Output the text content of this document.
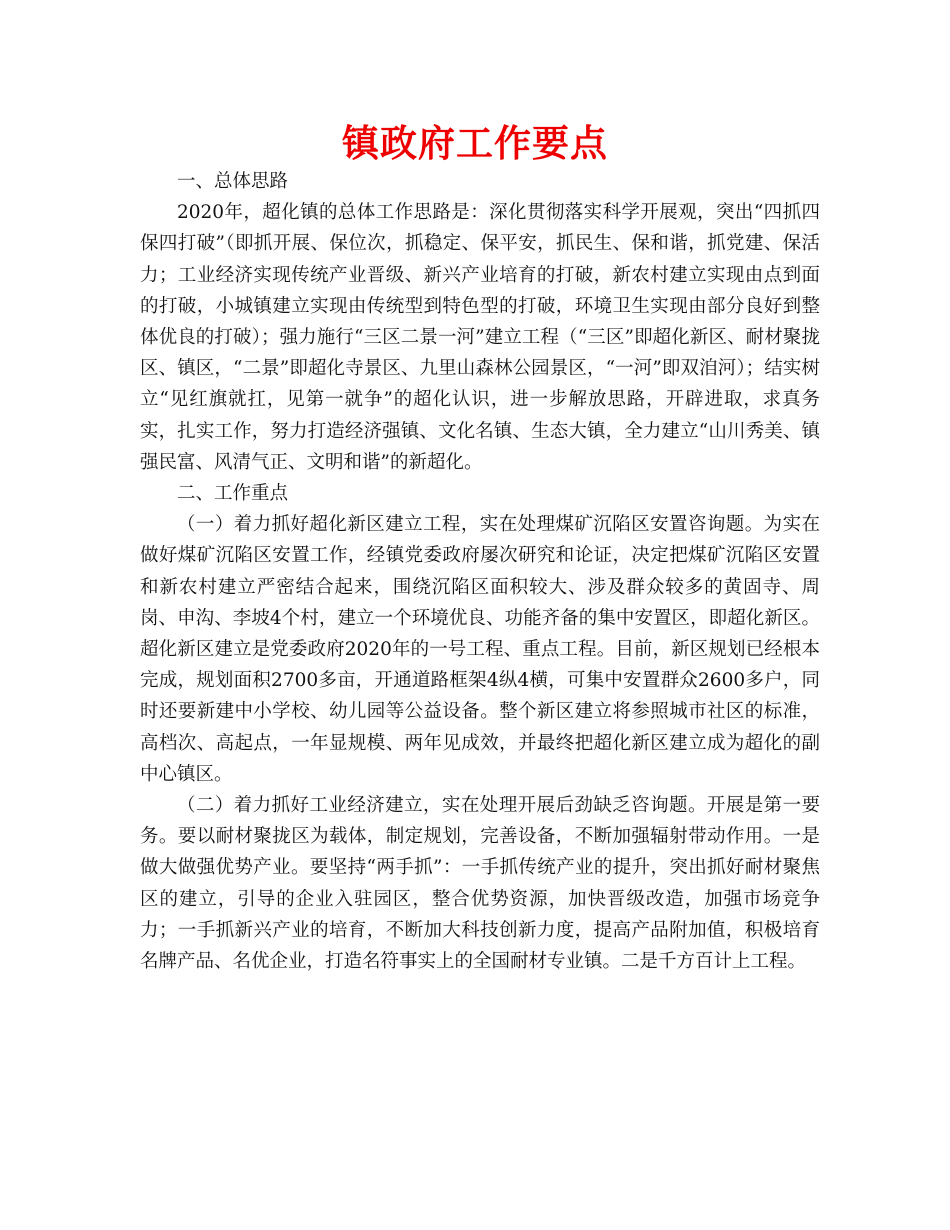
镇政府工作要点

一、总体思路

2020年，超化镇的总体工作思路是：深化贯彻落实科学开展观，突出“四抓四保四打破”（即抓开展、保位次，抓稳定、保平安，抓民生、保和谐，抓党建、保活力；工业经济实现传统产业晋级、新兴产业培育的打破，新农村建立实现由点到面的打破，小城镇建立实现由传统型到特色型的打破，环境卫生实现由部分良好到整体优良的打破）；强力施行“三区二景一河”建立工程（“三区”即超化新区、耐材聚拢区、镇区，“二景”即超化寺景区、九里山森林公园景区，“一河”即双洎河）；结实树立“见红旗就扛，见第一就争”的超化认识，进一步解放思路，开辟进取，求真务实，扎实工作，努力打造经济强镇、文化名镇、生态大镇，全力建立“山川秀美、镇强民富、风清气正、文明和谐”的新超化。

二、工作重点

（一）着力抓好超化新区建立工程，实在处理煤矿沉陷区安置咨询题。为实在做好煤矿沉陷区安置工作，经镇党委政府屡次研究和论证，决定把煤矿沉陷区安置和新农村建立严密结合起来，围绕沉陷区面积较大、涉及群众较多的黄固寺、周岗、申沟、李坡4个村，建立一个环境优良、功能齐备的集中安置区，即超化新区。超化新区建立是党委政府2020年的一号工程、重点工程。目前，新区规划已经根本完成，规划面积2700多亩，开通道路框架4纵4横，可集中安置群众2600多户，同时还要新建中小学校、幼儿园等公益设备。整个新区建立将参照城市社区的标准，高档次、高起点，一年显规模、两年见成效，并最终把超化新区建立成为超化的副中心镇区。

（二）着力抓好工业经济建立，实在处理开展后劲缺乏咨询题。开展是第一要务。要以耐材聚拢区为载体，制定规划，完善设备，不断加强辐射带动作用。一是做大做强优势产业。要坚持“两手抓”：一手抓传统产业的提升，突出抓好耐材聚焦区的建立，引导的企业入驻园区，整合优势资源，加快晋级改造，加强市场竞争力；一手抓新兴产业的培育，不断加大科技创新力度，提高产品附加值，积极培育名牌产品、名优企业，打造名符事实上的全国耐材专业镇。二是千方百计上工程。
